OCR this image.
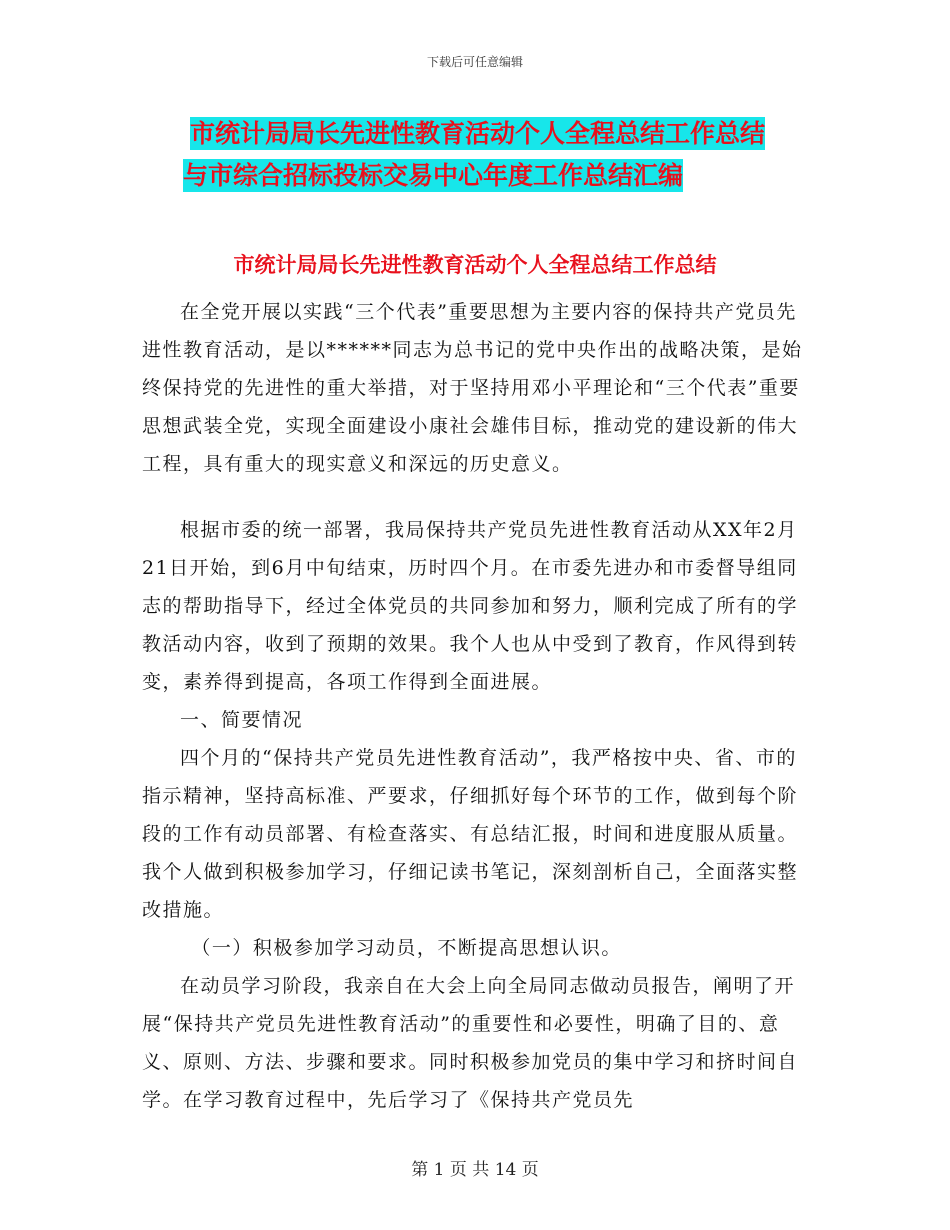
下载后可任意编辑
市统计局局长先进性教育活动个人全程总结工作总结
与市综合招标投标交易中心年度工作总结汇编
市统计局局长先进性教育活动个人全程总结工作总结

在全党开展以实践“三个代表”重要思想为主要内容的保持共产党员先进性教育活动，是以******同志为总书记的党中央作出的战略决策，是始终保持党的先进性的重大举措，对于坚持用邓小平理论和“三个代表”重要思想武装全党，实现全面建设小康社会雄伟目标，推动党的建设新的伟大工程，具有重大的现实意义和深远的历史意义。

根据市委的统一部署，我局保持共产党员先进性教育活动从XX年2月21日开始，到6月中旬结束，历时四个月。在市委先进办和市委督导组同志的帮助指导下，经过全体党员的共同参加和努力，顺利完成了所有的学教活动内容，收到了预期的效果。我个人也从中受到了教育，作风得到转变，素养得到提高，各项工作得到全面进展。

一、简要情况

四个月的“保持共产党员先进性教育活动”，我严格按中央、省、市的指示精神，坚持高标准、严要求，仔细抓好每个环节的工作，做到每个阶段的工作有动员部署、有检查落实、有总结汇报，时间和进度服从质量。我个人做到积极参加学习，仔细记读书笔记，深刻剖析自己，全面落实整改措施。

（一）积极参加学习动员，不断提高思想认识。

在动员学习阶段，我亲自在大会上向全局同志做动员报告，阐明了开展“保持共产党员先进性教育活动”的重要性和必要性，明确了目的、意义、原则、方法、步骤和要求。同时积极参加党员的集中学习和挤时间自学。在学习教育过程中，先后学习了《保持共产党员先

第 1 页 共 14 页
